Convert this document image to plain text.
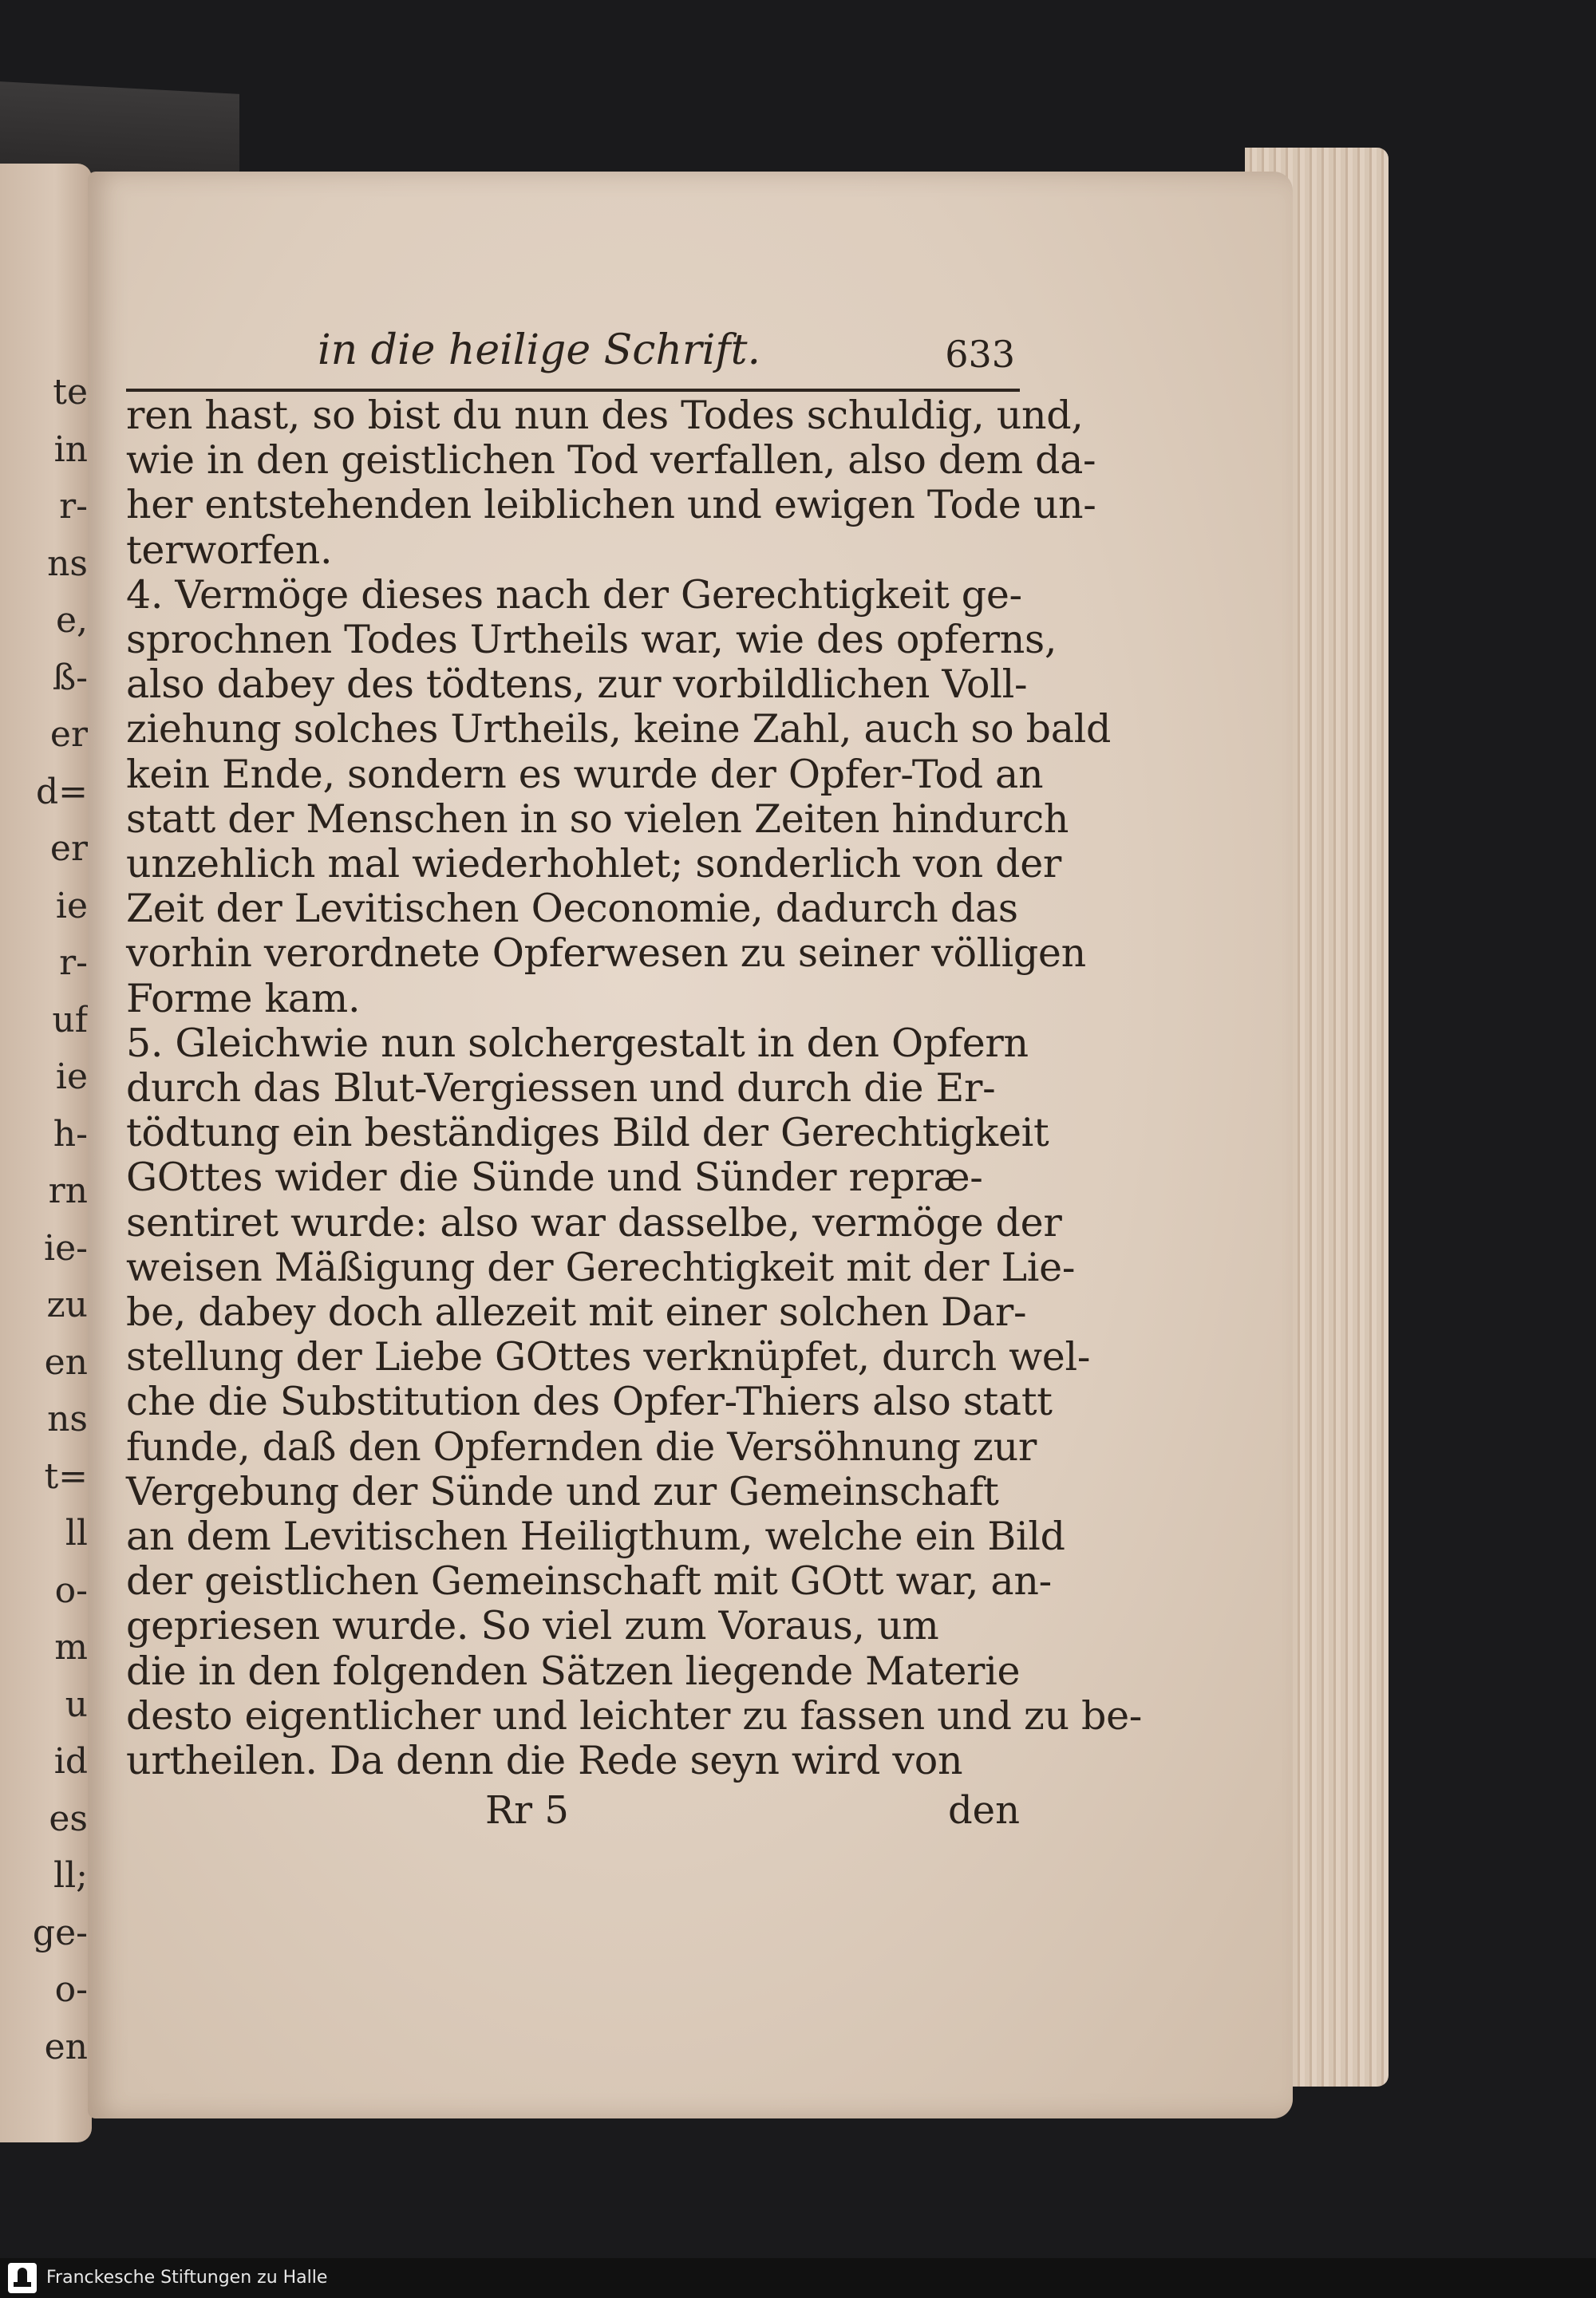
te
in
r-
ns
e,
ß-
er
d=
er
ie
r-
uf
ie
h-
rn
ie-
zu
en
ns
t=
ll
o-
m
u
id
es
ll;
ge-
o-
en
in die heilige Schrift.	633
ren hast, so bist du nun des Todes schuldig, und,
wie in den geistlichen Tod verfallen, also dem da-
her entstehenden leiblichen und ewigen Tode un-
terworfen.
4. Vermöge dieses nach der Gerechtigkeit ge-
sprochnen Todes Urtheils war, wie des opferns,
also dabey des tödtens, zur vorbildlichen Voll-
ziehung solches Urtheils, keine Zahl, auch so bald
kein Ende, sondern es wurde der Opfer-Tod an
statt der Menschen in so vielen Zeiten hindurch
unzehlich mal wiederhohlet; sonderlich von der
Zeit der Levitischen Oeconomie, dadurch das
vorhin verordnete Opferwesen zu seiner völligen
Forme kam.
5. Gleichwie nun solchergestalt in den Opfern
durch das Blut-Vergiessen und durch die Er-
tödtung ein beständiges Bild der Gerechtigkeit
GOttes wider die Sünde und Sünder repræ-
sentiret wurde: also war dasselbe, vermöge der
weisen Mäßigung der Gerechtigkeit mit der Lie-
be, dabey doch allezeit mit einer solchen Dar-
stellung der Liebe GOttes verknüpfet, durch wel-
che die Substitution des Opfer-Thiers also statt
funde, daß den Opfernden die Versöhnung zur
Vergebung der Sünde und zur Gemeinschaft
an dem Levitischen Heiligthum, welche ein Bild
der geistlichen Gemeinschaft mit GOtt war, an-
gepriesen wurde. So viel zum Voraus, um
die in den folgenden Sätzen liegende Materie
desto eigentlicher und leichter zu fassen und zu be-
urtheilen. Da denn die Rede seyn wird von
Rr 5	den
Franckesche Stiftungen zu Halle
